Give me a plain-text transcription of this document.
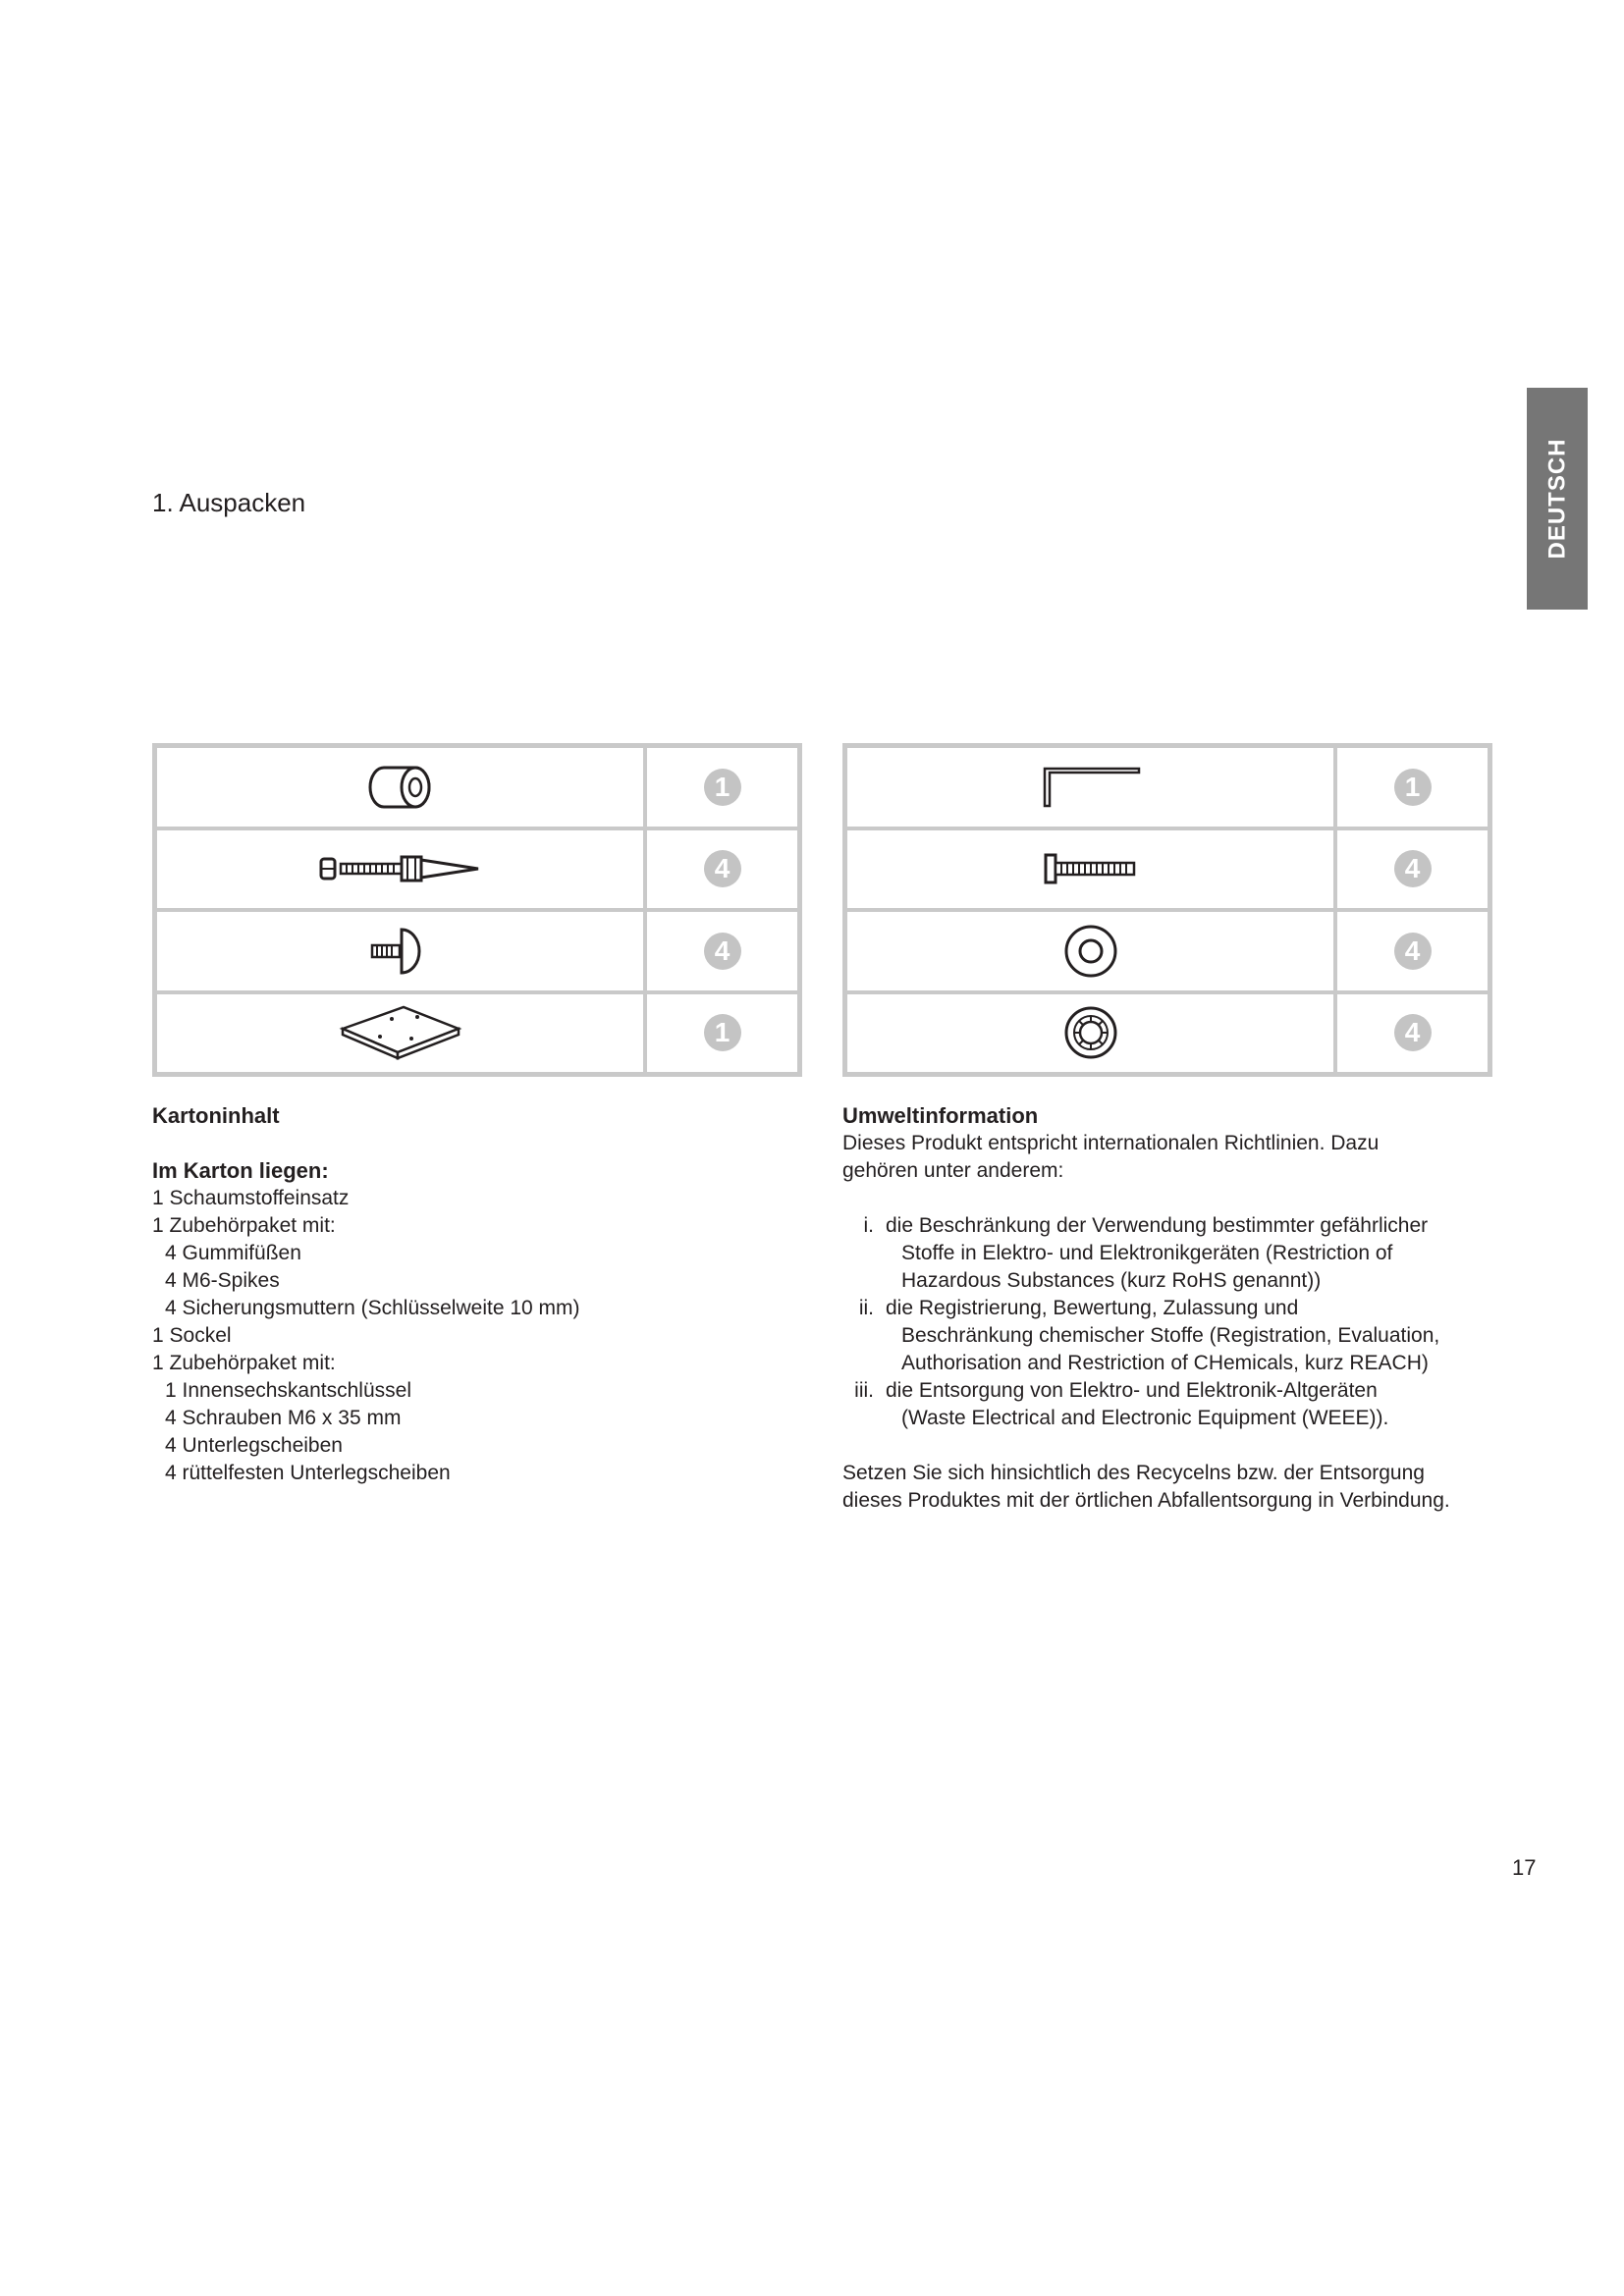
1. Auspacken	DEUTSCH
1
4
4
1
1
4
4
4
Kartoninhalt
Im Karton liegen:
1 Schaumstoffeinsatz
1 Zubehörpaket mit:
4 Gummifüßen
4 M6-Spikes
4 Sicherungsmuttern (Schlüsselweite 10 mm)
1 Sockel
1 Zubehörpaket mit:
1 Innensechskantschlüssel
4 Schrauben M6 x 35 mm
4 Unterlegscheiben
4 rüttelfesten Unterlegscheiben
Umweltinformation
Dieses Produkt entspricht internationalen Richtlinien. Dazu
gehören unter anderem:
i. die Beschränkung der Verwendung bestimmter gefährlicher
Stoffe in Elektro- und Elektronikgeräten (Restriction of
Hazardous Substances (kurz RoHS genannt))
ii. die Registrierung, Bewertung, Zulassung und
Beschränkung chemischer Stoffe (Registration, Evaluation,
Authorisation and Restriction of CHemicals, kurz REACH)
iii. die Entsorgung von Elektro- und Elektronik-Altgeräten
(Waste Electrical and Electronic Equipment (WEEE)).
Setzen Sie sich hinsichtlich des Recycelns bzw. der Entsorgung
dieses Produktes mit der örtlichen Abfallentsorgung in Verbindung.
17
